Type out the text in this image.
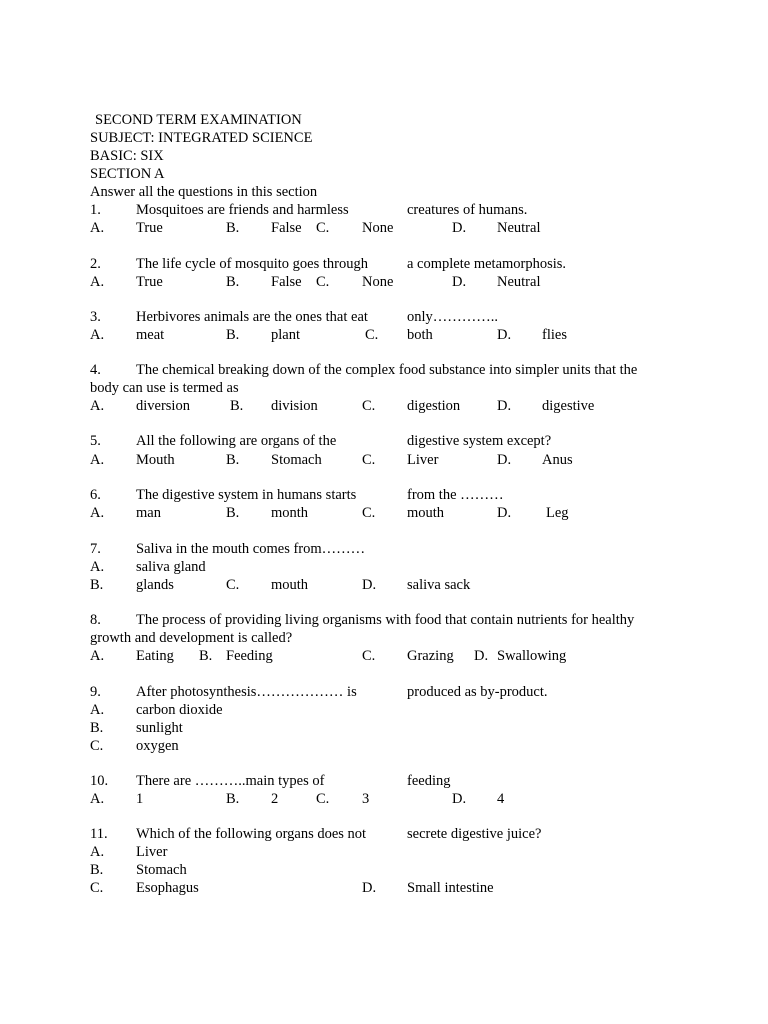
SECOND TERM EXAMINATION
SUBJECT: INTEGRATED SCIENCE
BASIC: SIX
SECTION A
Answer all the questions in this section
1. Mosquitoes are friends and harmless	creatures of humans.
A. True	B. False C. None	D. Neutral
2. The life cycle of mosquito goes through	a complete metamorphosis.
A. True	B. False C. None	D. Neutral
3. Herbivores animals are the ones that eat	only…………..
A. meat	B. plant	C. both	D. flies
4. The chemical breaking down of the complex food substance into simpler units that the
body can use is termed as
A. diversion	B. division	C. digestion	D. digestive
5. All the following are organs of the	digestive system except?
A. Mouth	B. Stomach	C. Liver	D. Anus
6. The digestive system in humans starts	from the ………
A. man	B. month	C. mouth	D. Leg
7. Saliva in the mouth comes from………
A. saliva gland
B. glands	C. mouth	D. saliva sack
8. The process of providing living organisms with food that contain nutrients for healthy
growth and development is called?
A. Eating B. Feeding	C. Grazing D. Swallowing
9. After photosynthesis……………… is	produced as by-product.
A. carbon dioxide
B. sunlight
C. oxygen
10. There are ………..main types of	feeding
A. 1	B. 2	C. 3	D. 4
11. Which of the following organs does not	secrete digestive juice?
A. Liver
B. Stomach
C. Esophagus	D. Small intestine
